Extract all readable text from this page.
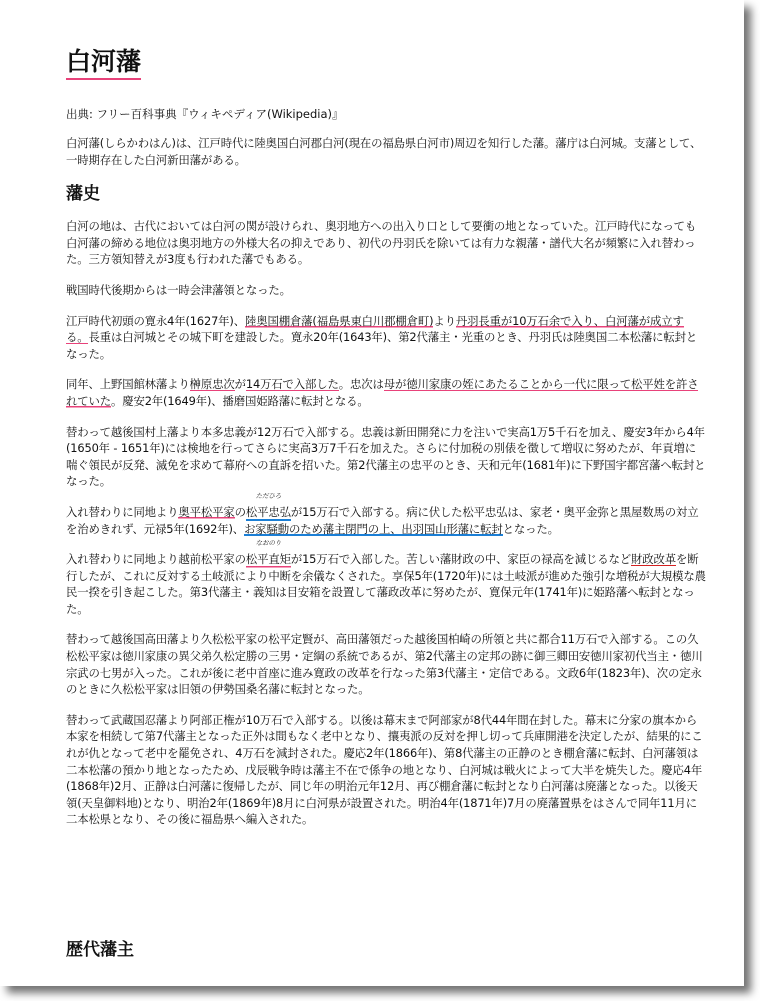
白河藩
出典: フリー百科事典『ウィキペディア(Wikipedia)』

白河藩(しらかわはん)は、江戸時代に陸奥国白河郡白河(現在の福島県白河市)周辺を知行した藩。藩庁は白河城。支藩として、一時期存在した白河新田藩がある。

藩史

白河の地は、古代においては白河の関が設けられ、奥羽地方への出入り口として要衝の地となっていた。江戸時代になっても白河藩の締める地位は奥羽地方の外様大名の抑えであり、初代の丹羽氏を除いては有力な親藩・譜代大名が頻繁に入れ替わった。三方領知替えが3度も行われた藩でもある。

戦国時代後期からは一時会津藩領となった。

江戸時代初頭の寛永4年(1627年)、陸奥国棚倉藩(福島県東白川郡棚倉町)より丹羽長重が10万石余で入り、白河藩が成立する。長重は白河城とその城下町を建設した。寛永20年(1643年)、第2代藩主・光重のとき、丹羽氏は陸奥国二本松藩に転封となった。

同年、上野国館林藩より榊原忠次が14万石で入部した。忠次は母が徳川家康の姪にあたることから一代に限って松平姓を許されていた。慶安2年(1649年)、播磨国姫路藩に転封となる。

替わって越後国村上藩より本多忠義が12万石で入部する。忠義は新田開発に力を注いで実高1万5千石を加え、慶安3年から4年(1650年 - 1651年)には検地を行ってさらに実高3万7千石を加えた。さらに付加税の別俵を徴して増収に努めたが、年貢増に喘ぐ領民が反発、滅免を求めて幕府への直訴を招いた。第2代藩主の忠平のとき、天和元年(1681年)に下野国宇都宮藩へ転封となった。

入れ替わりに同地より奥平松平家の
ただひろ
松平忠弘が15万石で入部する。病に伏した松平忠弘は、家老・奥平金弥と黒屋数馬の対立を治めきれず、元禄5年(1692年)、お家騒動のため藩主閉門の上、出羽国山形藩に転封となった。

入れ替わりに同地より越前松平家の
なおのり
松平直矩が15万石で入部した。苦しい藩財政の中、家臣の禄高を減じるなど財政改革を断行したが、これに反対する土岐派により中断を余儀なくされた。享保5年(1720年)には土岐派が進めた強引な増税が大規模な農民一揆を引き起こした。第3代藩主・義知は目安箱を設置して藩政改革に努めたが、寛保元年(1741年)に姫路藩へ転封となった。

替わって越後国高田藩より久松松平家の松平定賢が、高田藩領だった越後国柏崎の所領と共に都合11万石で入部する。この久松松平家は徳川家康の異父弟久松定勝の三男・定綱の系統であるが、第2代藩主の定邦の跡に御三卿田安徳川家初代当主・徳川宗武の七男が入った。これが後に老中首座に進み寛政の改革を行なった第3代藩主・定信である。文政6年(1823年)、次の定永のときに久松松平家は旧領の伊勢国桑名藩に転封となった。

替わって武蔵国忍藩より阿部正権が10万石で入部する。以後は幕末まで阿部家が8代44年間在封した。幕末に分家の旗本から本家を相続して第7代藩主となった正外は間もなく老中となり、攘夷派の反対を押し切って兵庫開港を決定したが、結果的にこれが仇となって老中を罷免され、4万石を減封された。慶応2年(1866年)、第8代藩主の正静のとき棚倉藩に転封、白河藩領は二本松藩の預かり地となったため、戊辰戦争時は藩主不在で係争の地となり、白河城は戦火によって大半を焼失した。慶応4年(1868年)2月、正静は白河藩に復帰したが、同じ年の明治元年12月、再び棚倉藩に転封となり白河藩は廃藩となった。以後天領(天皇御料地)となり、明治2年(1869年)8月に白河県が設置された。明治4年(1871年)7月の廃藩置県をはさんで同年11月に二本松県となり、その後に福島県へ編入された。

歴代藩主
